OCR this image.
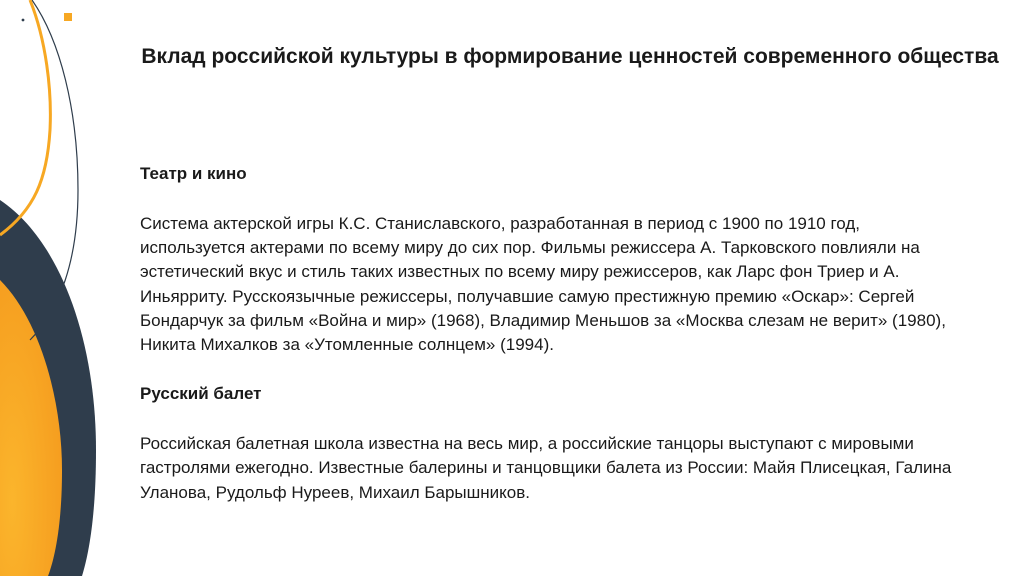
Вклад российской культуры в формирование ценностей современного общества

Театр и кино

Система актерской игры К.С. Станиславского, разработанная в период с 1900 по 1910 год, используется актерами по всему миру до сих пор. Фильмы режиссера А. Тарковского повлияли на эстетический вкус и стиль таких известных по всему миру режиссеров, как Ларс фон Триер и А. Иньярриту. Русскоязычные режиссеры, получавшие самую престижную премию «Оскар»: Сергей Бондарчук за фильм «Война и мир» (1968), Владимир Меньшов за «Москва слезам не верит» (1980), Никита Михалков за «Утомленные солнцем» (1994).

Русский балет

Российская балетная школа известна на весь мир, а российские танцоры выступают с мировыми гастролями ежегодно. Известные балерины и танцовщики балета из России: Майя Плисецкая, Галина Уланова, Рудольф Нуреев, Михаил Барышников.
